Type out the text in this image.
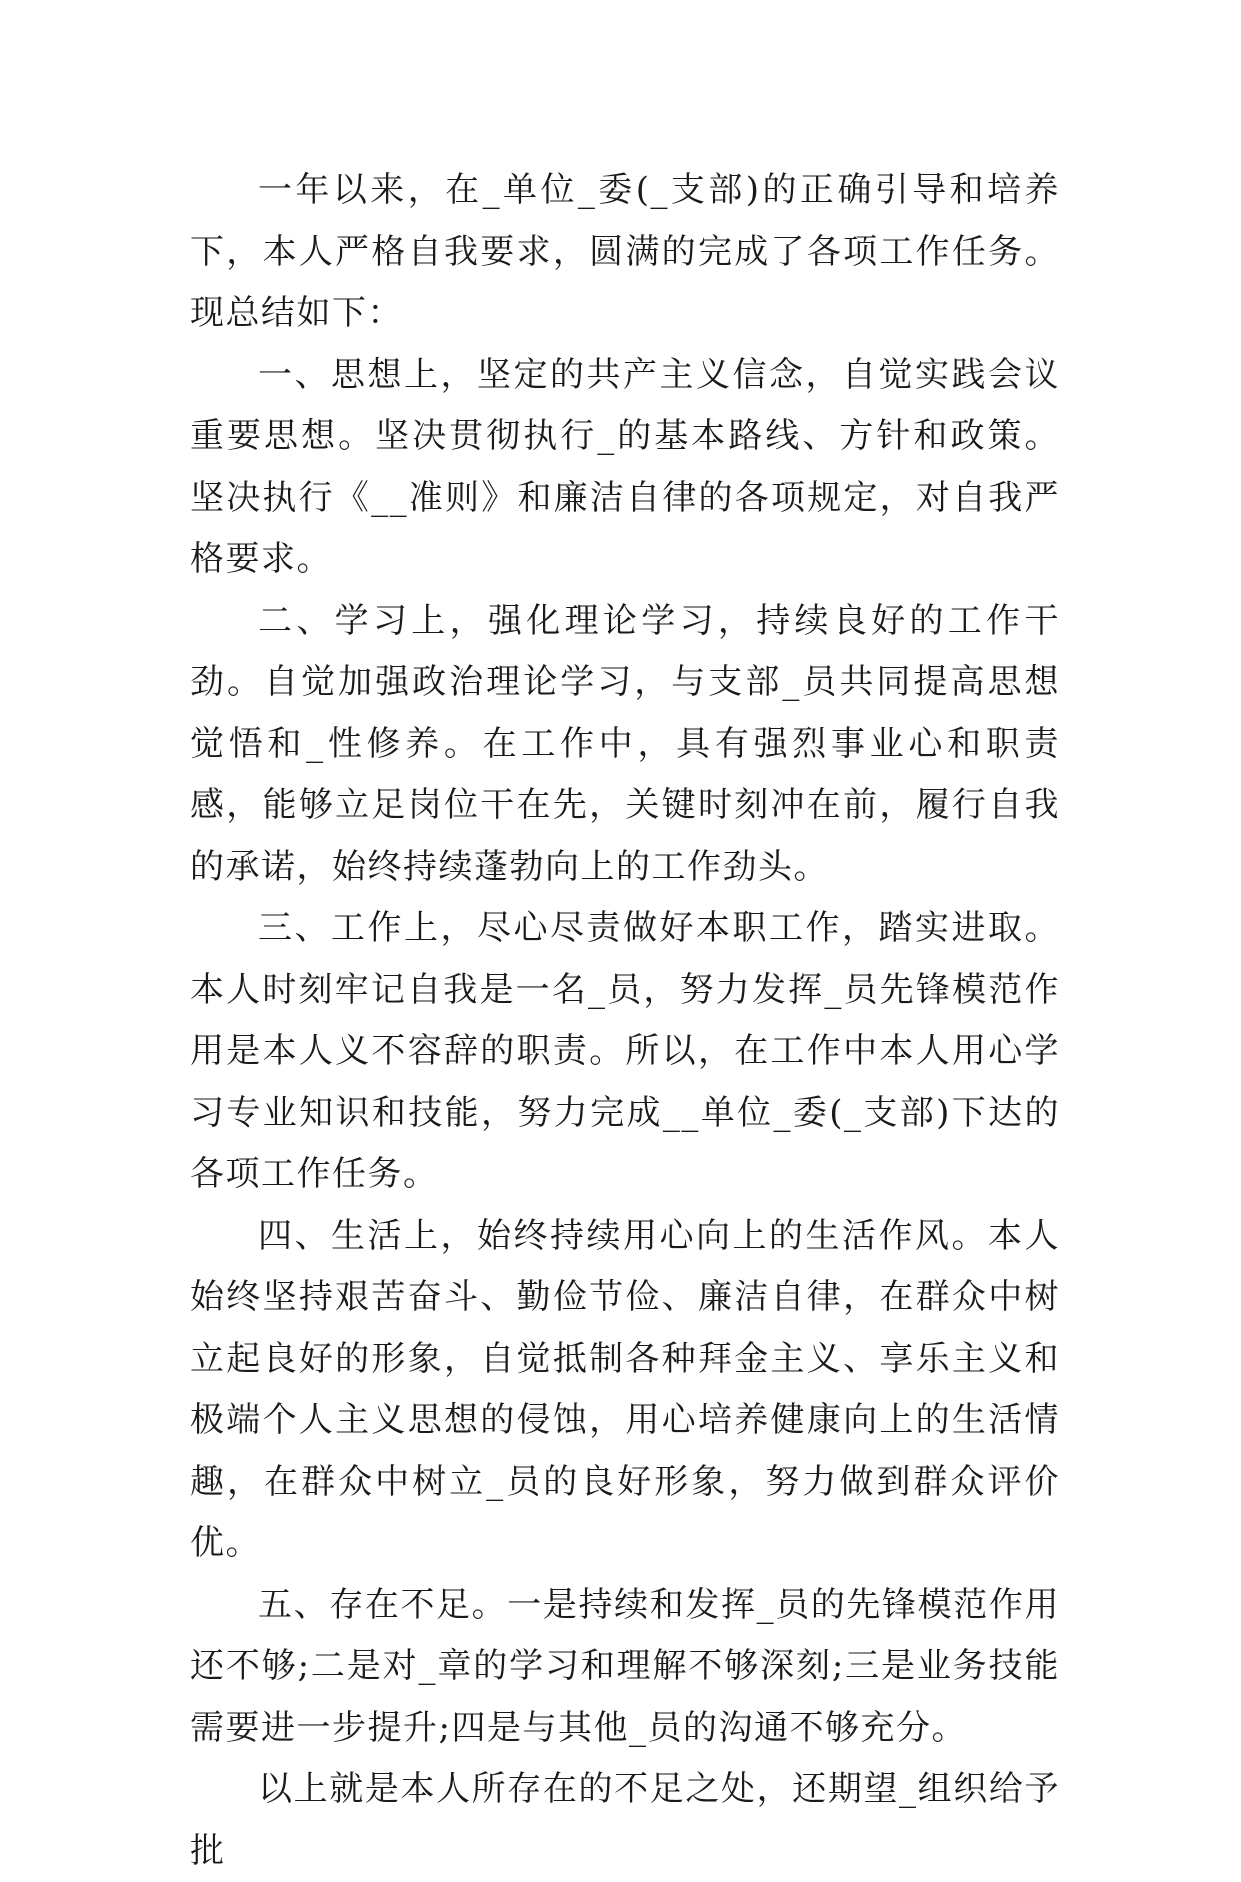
一年以来，在_单位_委(_支部)的正确引导和培养下，本人严格自我要求，圆满的完成了各项工作任务。现总结如下：

一、思想上，坚定的共产主义信念，自觉实践会议重要思想。坚决贯彻执行_的基本路线、方针和政策。坚决执行《__准则》和廉洁自律的各项规定，对自我严格要求。

二、学习上，强化理论学习，持续良好的工作干劲。自觉加强政治理论学习，与支部_员共同提高思想觉悟和_性修养。在工作中，具有强烈事业心和职责感，能够立足岗位干在先，关键时刻冲在前，履行自我的承诺，始终持续蓬勃向上的工作劲头。

三、工作上，尽心尽责做好本职工作，踏实进取。本人时刻牢记自我是一名_员，努力发挥_员先锋模范作用是本人义不容辞的职责。所以，在工作中本人用心学习专业知识和技能，努力完成__单位_委(_支部)下达的各项工作任务。

四、生活上，始终持续用心向上的生活作风。本人始终坚持艰苦奋斗、勤俭节俭、廉洁自律，在群众中树立起良好的形象，自觉抵制各种拜金主义、享乐主义和极端个人主义思想的侵蚀，用心培养健康向上的生活情趣，在群众中树立_员的良好形象，努力做到群众评价优。

五、存在不足。一是持续和发挥_员的先锋模范作用还不够;二是对_章的学习和理解不够深刻;三是业务技能需要进一步提升;四是与其他_员的沟通不够充分。

以上就是本人所存在的不足之处，还期望_组织给予批
